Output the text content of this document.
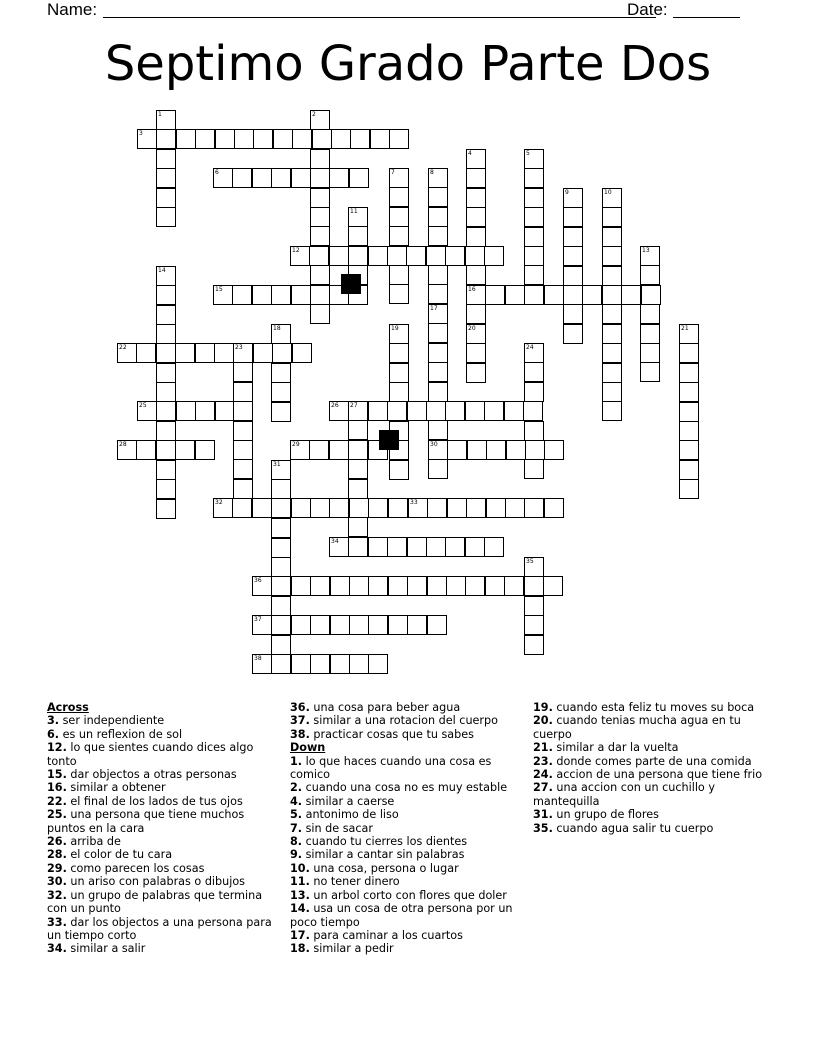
Name:	Date:
Septimo Grado Parte Dos
3
6
12
15	16
22	23
25	26 27
28	29	30
32	33
34
36
37
38
1	2
4	5
7	8
9	10
11
13
14
17
18	19	20	21
24
31
35
Across
3. ser independiente
6. es un reflexion de sol
12. lo que sientes cuando dices algo tonto
15. dar objectos a otras personas
16. similar a obtener
22. el final de los lados de tus ojos
25. una persona que tiene muchos puntos en la cara
26. arriba de
28. el color de tu cara
29. como parecen los cosas
30. un ariso con palabras o dibujos
32. un grupo de palabras que termina con un punto
33. dar los objectos a una persona para un tiempo corto
34. similar a salir
36. una cosa para beber agua
37. similar a una rotacion del cuerpo
38. practicar cosas que tu sabes
Down
1. lo que haces cuando una cosa es comico
2. cuando una cosa no es muy estable
4. similar a caerse
5. antonimo de liso
7. sin de sacar
8. cuando tu cierres los dientes
9. similar a cantar sin palabras
10. una cosa, persona o lugar
11. no tener dinero
13. un arbol corto con flores que doler
14. usa un cosa de otra persona por un poco tiempo
17. para caminar a los cuartos
18. similar a pedir
19. cuando esta feliz tu moves su boca
20. cuando tenias mucha agua en tu cuerpo
21. similar a dar la vuelta
23. donde comes parte de una comida
24. accion de una persona que tiene frio
27. una accion con un cuchillo y mantequilla
31. un grupo de flores
35. cuando agua salir tu cuerpo
